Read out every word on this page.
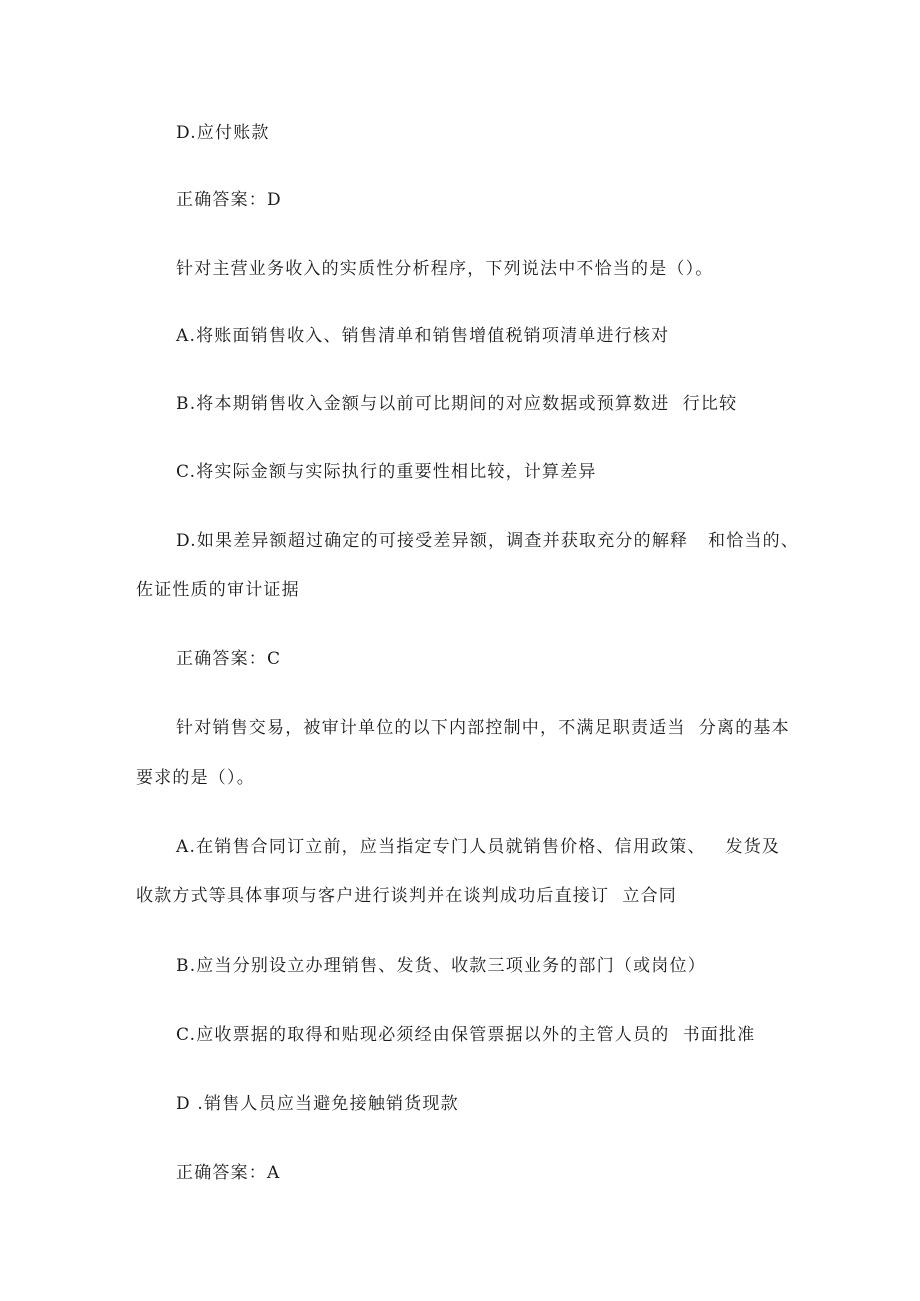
D.应付账款

正确答案：D

针对主营业务收入的实质性分析程序，下列说法中不恰当的是（）。

A.将账面销售收入、销售清单和销售增值税销项清单进行核对

B.将本期销售收入金额与以前可比期间的对应数据或预算数进  行比较

C.将实际金额与实际执行的重要性相比较，计算差异

D.如果差异额超过确定的可接受差异额，调查并获取充分的解释   和恰当的、

佐证性质的审计证据

正确答案：C

针对销售交易，被审计单位的以下内部控制中，不满足职责适当  分离的基本

要求的是（）。

A.在销售合同订立前，应当指定专门人员就销售价格、信用政策、   发货及

收款方式等具体事项与客户进行谈判并在谈判成功后直接订  立合同

B.应当分别设立办理销售、发货、收款三项业务的部门（或岗位）

C.应收票据的取得和贴现必须经由保管票据以外的主管人员的  书面批准

D .销售人员应当避免接触销货现款

正确答案：A
